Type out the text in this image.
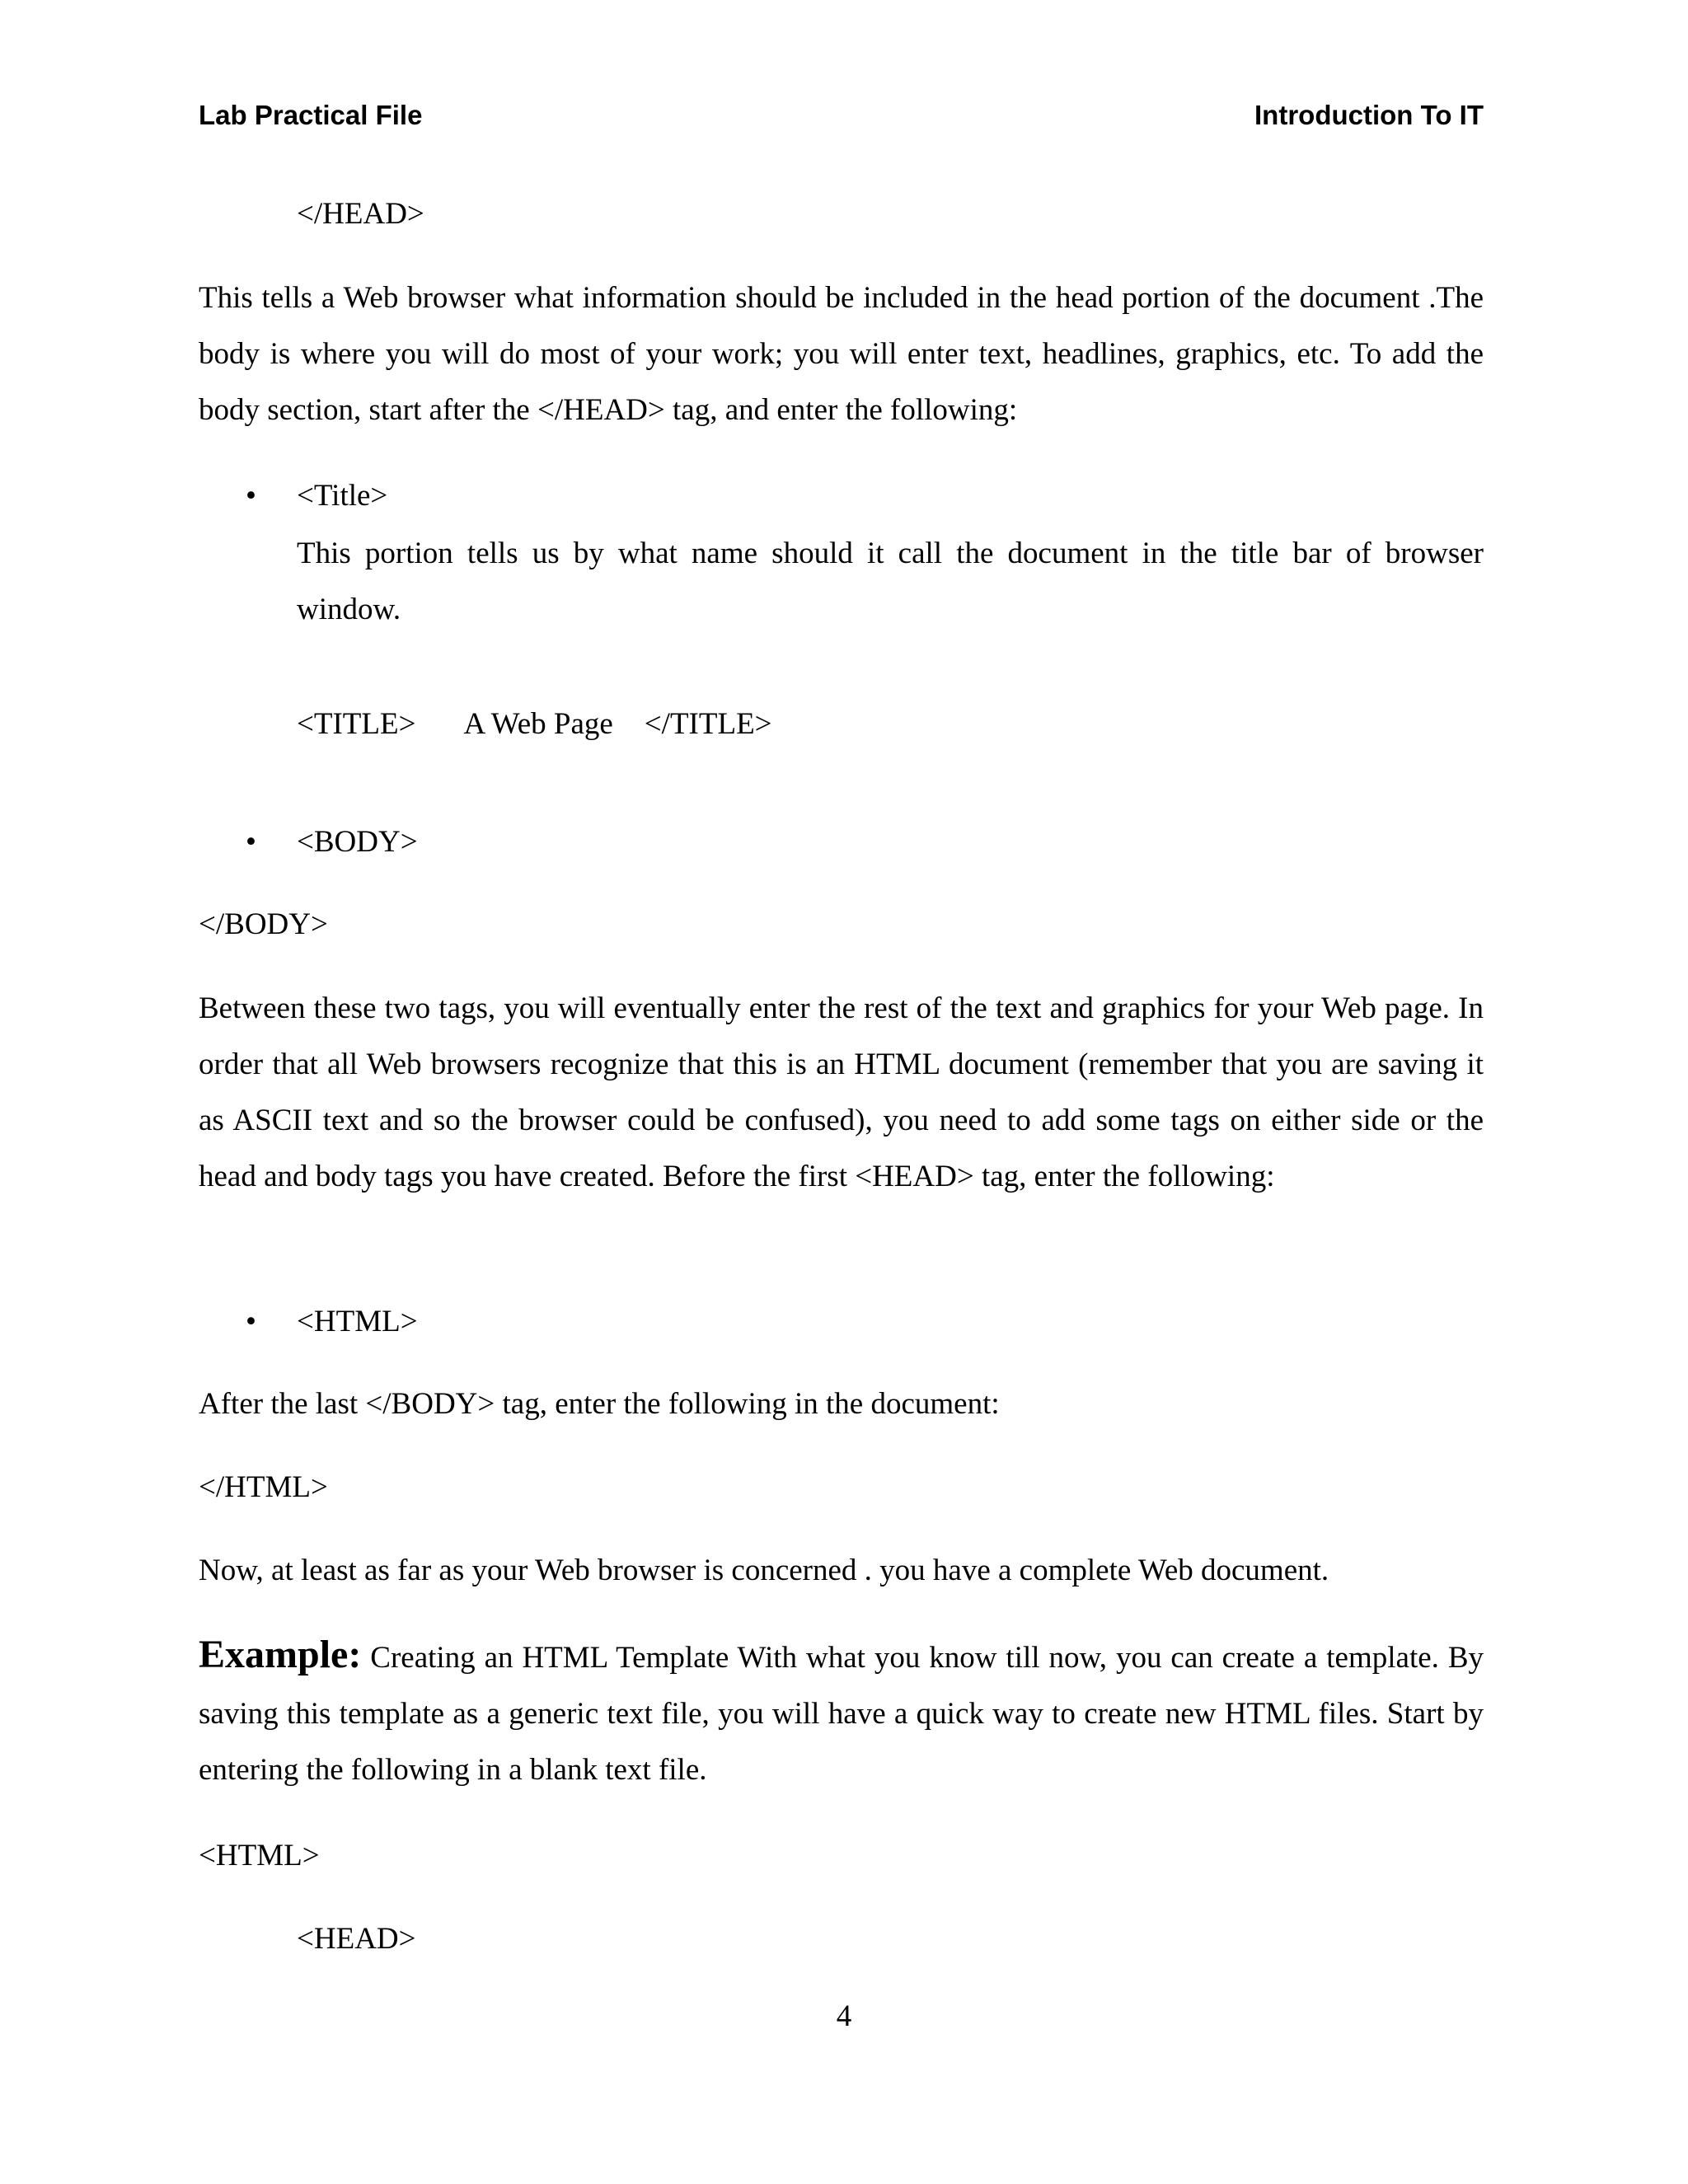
Lab Practical File	Introduction To IT
</HEAD>
This tells a Web browser what information should be included in the head portion of the document .The body is where you will do most of your work; you will enter text, headlines, graphics, etc. To add the body section, start after the </HEAD> tag, and enter the following:
• <Title>
This portion tells us by what name should it call the document in the title bar of browser window.
<TITLE> A Web Page </TITLE>
• <BODY>
</BODY>
Between these two tags, you will eventually enter the rest of the text and graphics for your Web page. In order that all Web browsers recognize that this is an HTML document (remember that you are saving it as ASCII text and so the browser could be confused), you need to add some tags on either side or the head and body tags you have created. Before the first <HEAD> tag, enter the following:
• <HTML>
After the last </BODY> tag, enter the following in the document:
</HTML>
Now, at least as far as your Web browser is concerned . you have a complete Web document.
Example: Creating an HTML Template With what you know till now, you can create a template. By saving this template as a generic text file, you will have a quick way to create new HTML files. Start by entering the following in a blank text file.
<HTML>
<HEAD>
4
